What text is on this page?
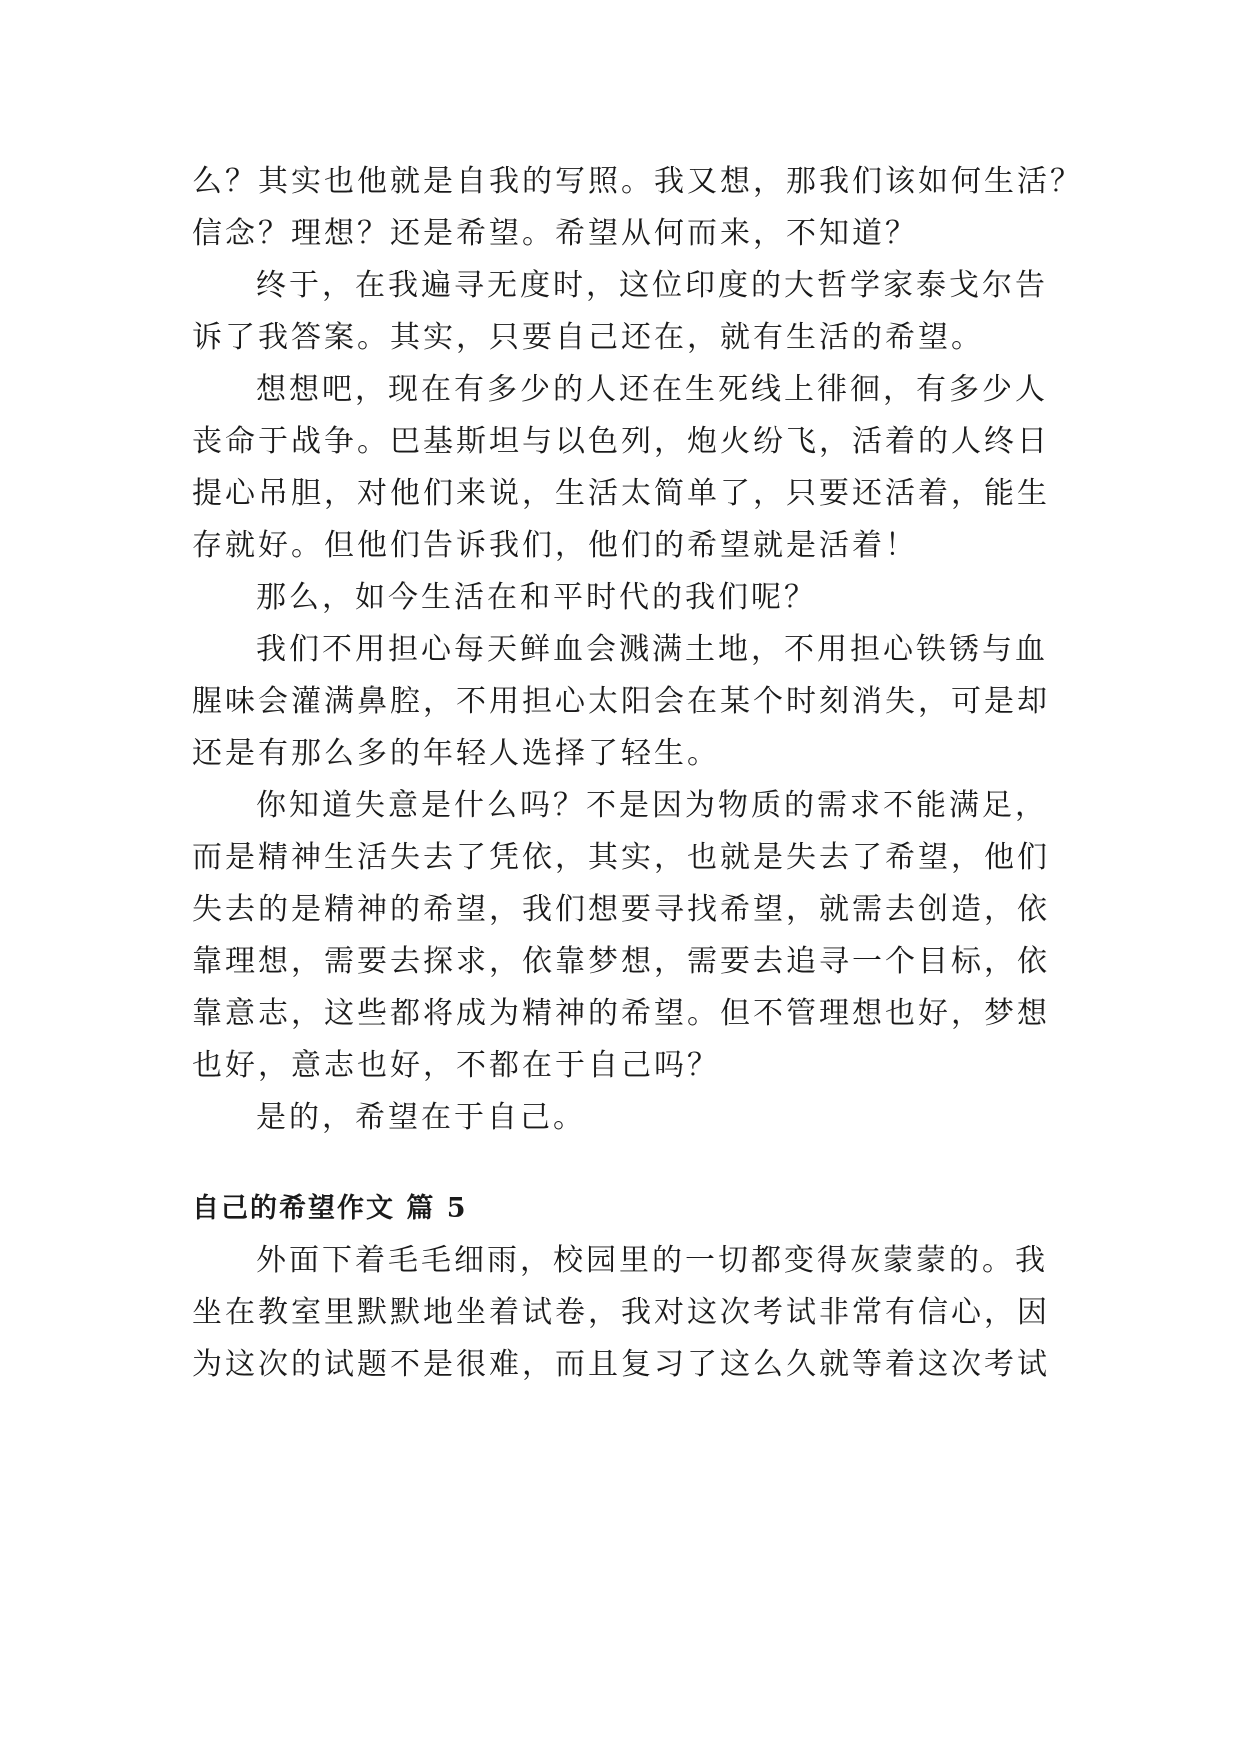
么？其实也他就是自我的写照。我又想，那我们该如何生活？

信念？理想？还是希望。希望从何而来，不知道？

终于，在我遍寻无度时，这位印度的大哲学家泰戈尔告

诉了我答案。其实，只要自己还在，就有生活的希望。

想想吧，现在有多少的人还在生死线上徘徊，有多少人

丧命于战争。巴基斯坦与以色列，炮火纷飞，活着的人终日

提心吊胆，对他们来说，生活太简单了，只要还活着，能生

存就好。但他们告诉我们，他们的希望就是活着！

那么，如今生活在和平时代的我们呢？

我们不用担心每天鲜血会溅满土地，不用担心铁锈与血

腥味会灌满鼻腔，不用担心太阳会在某个时刻消失，可是却

还是有那么多的年轻人选择了轻生。

你知道失意是什么吗？不是因为物质的需求不能满足，

而是精神生活失去了凭依，其实，也就是失去了希望，他们

失去的是精神的希望，我们想要寻找希望，就需去创造，依

靠理想，需要去探求，依靠梦想，需要去追寻一个目标，依

靠意志，这些都将成为精神的希望。但不管理想也好，梦想

也好，意志也好，不都在于自己吗？

是的，希望在于自己。

自己的希望作文 篇 5

外面下着毛毛细雨，校园里的一切都变得灰蒙蒙的。我

坐在教室里默默地坐着试卷，我对这次考试非常有信心，因

为这次的试题不是很难，而且复习了这么久就等着这次考试
